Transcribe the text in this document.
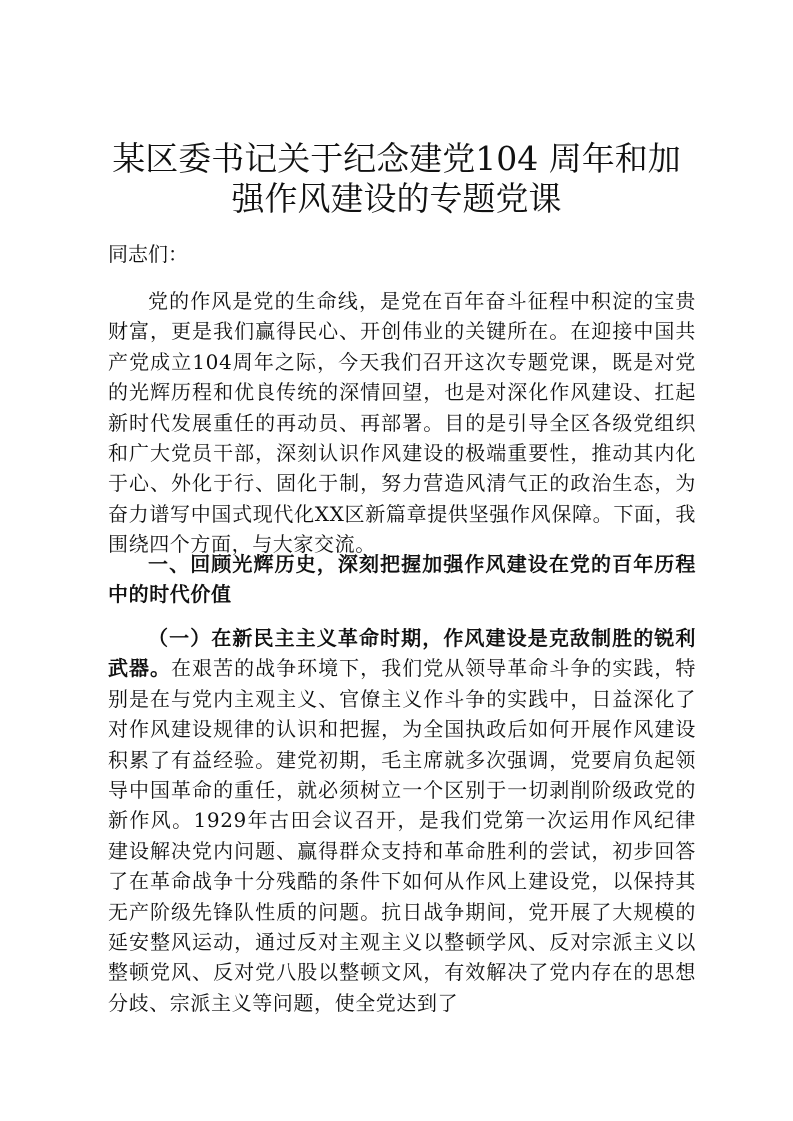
某区委书记关于纪念建党104 周年和加强作风建设的专题党课

同志们：

党的作风是党的生命线，是党在百年奋斗征程中积淀的宝贵财富，更是我们赢得民心、开创伟业的关键所在。在迎接中国共产党成立104周年之际，今天我们召开这次专题党课，既是对党的光辉历程和优良传统的深情回望，也是对深化作风建设、扛起新时代发展重任的再动员、再部署。目的是引导全区各级党组织和广大党员干部，深刻认识作风建设的极端重要性，推动其内化于心、外化于行、固化于制，努力营造风清气正的政治生态，为奋力谱写中国式现代化XX区新篇章提供坚强作风保障。下面，我围绕四个方面，与大家交流。

一、回顾光辉历史，深刻把握加强作风建设在党的百年历程中的时代价值

（一）在新民主主义革命时期，作风建设是克敌制胜的锐利武器。在艰苦的战争环境下，我们党从领导革命斗争的实践，特别是在与党内主观主义、官僚主义作斗争的实践中，日益深化了对作风建设规律的认识和把握，为全国执政后如何开展作风建设积累了有益经验。建党初期，毛主席就多次强调，党要肩负起领导中国革命的重任，就必须树立一个区别于一切剥削阶级政党的新作风。1929年古田会议召开，是我们党第一次运用作风纪律建设解决党内问题、赢得群众支持和革命胜利的尝试，初步回答了在革命战争十分残酷的条件下如何从作风上建设党，以保持其无产阶级先锋队性质的问题。抗日战争期间，党开展了大规模的延安整风运动，通过反对主观主义以整顿学风、反对宗派主义以整顿党风、反对党八股以整顿文风，有效解决了党内存在的思想分歧、宗派主义等问题，使全党达到了
